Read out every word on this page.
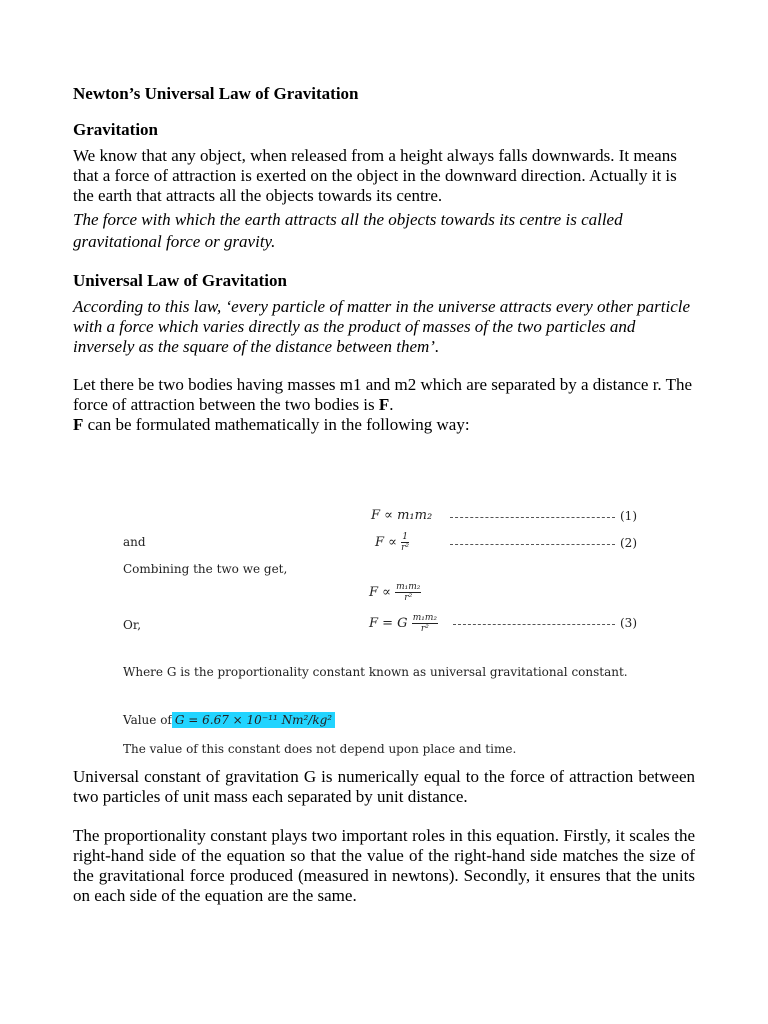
Newton’s Universal Law of Gravitation
Gravitation

We know that any object, when released from a height always falls downwards. It means that a force of attraction is exerted on the object in the downward direction. Actually it is the earth that attracts all the objects towards its centre.

The force with which the earth attracts all the objects towards its centre is called gravitational force or gravity.

Universal Law of Gravitation

According to this law, ‘every particle of matter in the universe attracts every other particle with a force which varies directly as the product of masses of the two particles and inversely as the square of the distance between them’.

Let there be two bodies having masses m1 and m2 which are separated by a distance r. The force of attraction between the two bodies is F.
F can be formulated mathematically in the following way:

F ∝ m₁m₂	(1)
and	$F \propto \frac{1}{\text{r²}}$	(2)
Combining the two we get,
$F \propto \frac{\text{m₁m₂}}{\text{r²}}$
Or,	F = G $\frac{\text{m₁m₂}}{\text{r²}}$	(3)
Where G is the proportionality constant known as universal gravitational constant.
Value of G = 6.67 × 10⁻¹¹ Nm²/kg²
The value of this constant does not depend upon place and time.

Universal constant of gravitation G is numerically equal to the force of attraction between two particles of unit mass each separated by unit distance.

The proportionality constant plays two important roles in this equation. Firstly, it scales the right-hand side of the equation so that the value of the right-hand side matches the size of the gravitational force produced (measured in newtons). Secondly, it ensures that the units on each side of the equation are the same.
